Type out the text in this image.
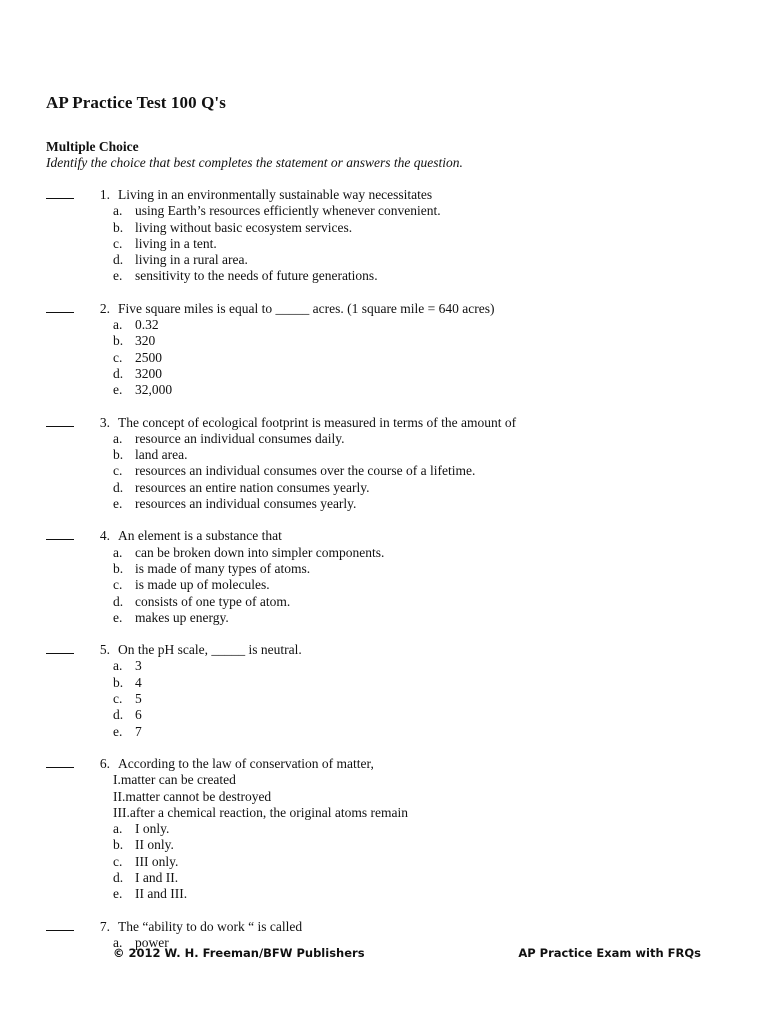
AP Practice Test 100 Q's
Multiple Choice
Identify the choice that best completes the statement or answers the question.
1. Living in an environmentally sustainable way necessitates
a. using Earth’s resources efficiently whenever convenient.
b. living without basic ecosystem services.
c. living in a tent.
d. living in a rural area.
e. sensitivity to the needs of future generations.
2. Five square miles is equal to _____ acres. (1 square mile = 640 acres)
a. 0.32
b. 320
c. 2500
d. 3200
e. 32,000
3. The concept of ecological footprint is measured in terms of the amount of
a. resource an individual consumes daily.
b. land area.
c. resources an individual consumes over the course of a lifetime.
d. resources an entire nation consumes yearly.
e. resources an individual consumes yearly.
4. An element is a substance that
a. can be broken down into simpler components.
b. is made of many types of atoms.
c. is made up of molecules.
d. consists of one type of atom.
e. makes up energy.
5. On the pH scale, _____ is neutral.
a. 3
b. 4
c. 5
d. 6
e. 7
6. According to the law of conservation of matter,
I.matter can be created
II.matter cannot be destroyed
III.after a chemical reaction, the original atoms remain
a. I only.
b. II only.
c. III only.
d. I and II.
e. II and III.
7. The “ability to do work “ is called
a. power
© 2012 W. H. Freeman/BFW Publishers	AP Practice Exam with FRQs
